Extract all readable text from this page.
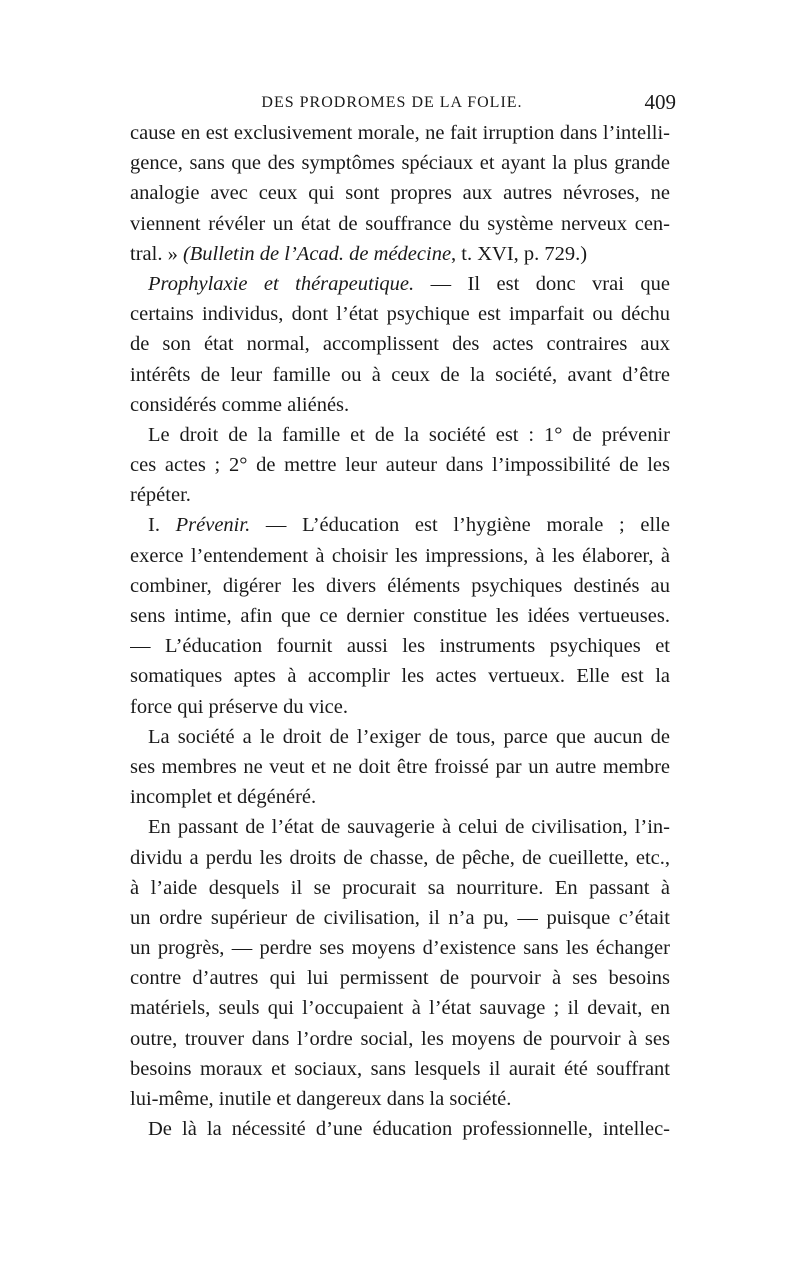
DES PRODROMES DE LA FOLIE.	409
cause en est exclusivement morale, ne fait irruption dans l’intelli-
gence, sans que des symptômes spéciaux et ayant la plus grande
analogie avec ceux qui sont propres aux autres névroses, ne
viennent révéler un état de souffrance du système nerveux cen-
tral. » (Bulletin de l’Acad. de médecine, t. XVI, p. 729.)
Prophylaxie et thérapeutique. — Il est donc vrai que
certains individus, dont l’état psychique est imparfait ou déchu
de son état normal, accomplissent des actes contraires aux
intérêts de leur famille ou à ceux de la société, avant d’être
considérés comme aliénés.
Le droit de la famille et de la société est : 1° de prévenir
ces actes ; 2° de mettre leur auteur dans l’impossibilité de les
répéter.
I. Prévenir. — L’éducation est l’hygiène morale ; elle
exerce l’entendement à choisir les impressions, à les élaborer, à
combiner, digérer les divers éléments psychiques destinés au
sens intime, afin que ce dernier constitue les idées vertueuses.
— L’éducation fournit aussi les instruments psychiques et
somatiques aptes à accomplir les actes vertueux. Elle est la
force qui préserve du vice.
La société a le droit de l’exiger de tous, parce que aucun de
ses membres ne veut et ne doit être froissé par un autre membre
incomplet et dégénéré.
En passant de l’état de sauvagerie à celui de civilisation, l’in-
dividu a perdu les droits de chasse, de pêche, de cueillette, etc.,
à l’aide desquels il se procurait sa nourriture. En passant à
un ordre supérieur de civilisation, il n’a pu, — puisque c’était
un progrès, — perdre ses moyens d’existence sans les échanger
contre d’autres qui lui permissent de pourvoir à ses besoins
matériels, seuls qui l’occupaient à l’état sauvage ; il devait, en
outre, trouver dans l’ordre social, les moyens de pourvoir à ses
besoins moraux et sociaux, sans lesquels il aurait été souffrant
lui-même, inutile et dangereux dans la société.
De là la nécessité d’une éducation professionnelle, intellec-
